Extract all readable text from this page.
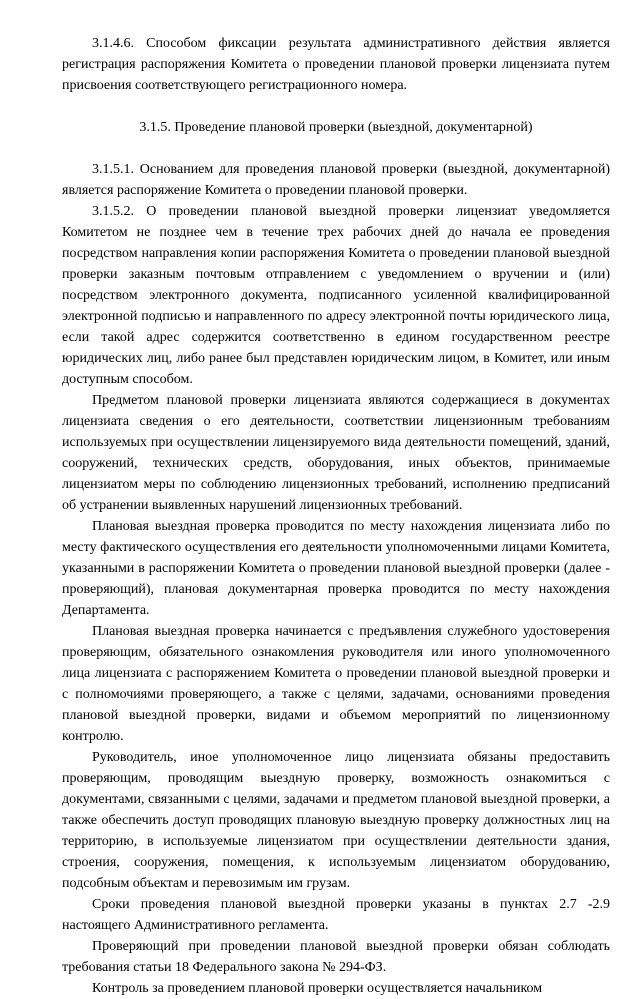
3.1.4.6. Способом фиксации результата административного действия является регистрация распоряжения Комитета о проведении плановой проверки лицензиата путем присвоения соответствующего регистрационного номера.

3.1.5. Проведение плановой проверки (выездной, документарной)

3.1.5.1. Основанием для проведения плановой проверки (выездной, документарной) является распоряжение Комитета о проведении плановой проверки.

3.1.5.2. О проведении плановой выездной проверки лицензиат уведомляется Комитетом не позднее чем в течение трех рабочих дней до начала ее проведения посредством направления копии распоряжения Комитета о проведении плановой выездной проверки заказным почтовым отправлением с уведомлением о вручении и (или) посредством электронного документа, подписанного усиленной квалифицированной электронной подписью и направленного по адресу электронной почты юридического лица, если такой адрес содержится соответственно в едином государственном реестре юридических лиц, либо ранее был представлен юридическим лицом, в Комитет, или иным доступным способом.

Предметом плановой проверки лицензиата являются содержащиеся в документах лицензиата сведения о его деятельности, соответствии лицензионным требованиям используемых при осуществлении лицензируемого вида деятельности помещений, зданий, сооружений, технических средств, оборудования, иных объектов, принимаемые лицензиатом меры по соблюдению лицензионных требований, исполнению предписаний об устранении выявленных нарушений лицензионных требований.

Плановая выездная проверка проводится по месту нахождения лицензиата либо по месту фактического осуществления его деятельности уполномоченными лицами Комитета, указанными в распоряжении Комитета о проведении плановой выездной проверки (далее - проверяющий), плановая документарная проверка проводится по месту нахождения Департамента.

Плановая выездная проверка начинается с предъявления служебного удостоверения проверяющим, обязательного ознакомления руководителя или иного уполномоченного лица лицензиата с распоряжением Комитета о проведении плановой выездной проверки и с полномочиями проверяющего, а также с целями, задачами, основаниями проведения плановой выездной проверки, видами и объемом мероприятий по лицензионному контролю.

Руководитель, иное уполномоченное лицо лицензиата обязаны предоставить проверяющим, проводящим выездную проверку, возможность ознакомиться с документами, связанными с целями, задачами и предметом плановой выездной проверки, а также обеспечить доступ проводящих плановую выездную проверку должностных лиц на территорию, в используемые лицензиатом при осуществлении деятельности здания, строения, сооружения, помещения, к используемым лицензиатом оборудованию, подсобным объектам и перевозимым им грузам.

Сроки проведения плановой выездной проверки указаны в пунктах 2.7 -2.9 настоящего Административного регламента.

Проверяющий при проведении плановой выездной проверки обязан соблюдать требования статьи 18 Федерального закона № 294-ФЗ.

Контроль за проведением плановой проверки осуществляется начальником
